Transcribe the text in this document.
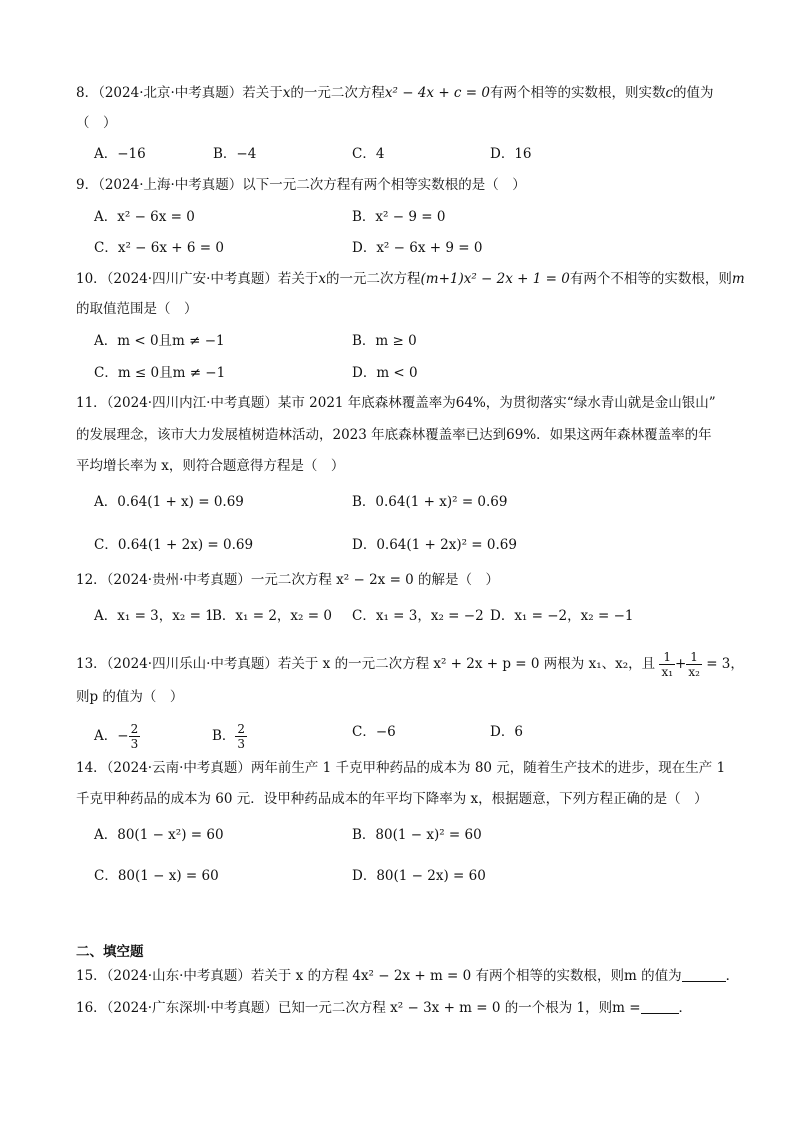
8．（2024·北京·中考真题）若关于x的一元二次方程x² − 4x + c = 0有两个相等的实数根，则实数c的值为
（　）
A．−16	B．−4	C．4	D．16
9．（2024·上海·中考真题）以下一元二次方程有两个相等实数根的是（　）
A．x² − 6x = 0	B．x² − 9 = 0
C．x² − 6x + 6 = 0	D．x² − 6x + 9 = 0
10．（2024·四川广安·中考真题）若关于x的一元二次方程(m+1)x² − 2x + 1 = 0有两个不相等的实数根，则m
的取值范围是（　）
A．m < 0且m ≠ −1	B．m ≥ 0
C．m ≤ 0且m ≠ −1	D．m < 0
11．（2024·四川内江·中考真题）某市 2021 年底森林覆盖率为64%，为贯彻落实“绿水青山就是金山银山”
的发展理念，该市大力发展植树造林活动，2023 年底森林覆盖率已达到69%．如果这两年森林覆盖率的年
平均增长率为 x，则符合题意得方程是（　）
A．0.64(1 + x) = 0.69	B．0.64(1 + x)² = 0.69
C．0.64(1 + 2x) = 0.69	D．0.64(1 + 2x)² = 0.69
12．（2024·贵州·中考真题）一元二次方程 x² − 2x = 0 的解是（　）
A．x₁ = 3，x₂ = 1
B．x₁ = 2，x₂ = 0 C．x₁ = 3，x₂ = −2 D．x₁ = −2，x₂ = −1
13．（2024·四川乐山·中考真题）若关于 x 的一元二次方程 x² + 2x + p = 0 两根为 x₁、x₂，且 $\frac{1}{\text{x₁}} + \frac{1}{\text{x₂}} = 3$，
则p 的值为（　）
A．− $\frac{2}{3}$	B． $\frac{2}{3}$	C．−6	D．6
14．（2024·云南·中考真题）两年前生产 1 千克甲种药品的成本为 80 元，随着生产技术的进步，现在生产 1
千克甲种药品的成本为 60 元．设甲种药品成本的年平均下降率为 x，根据题意，下列方程正确的是（　）
A．80(1 − x²) = 60	B．80(1 − x)² = 60
C．80(1 − x) = 60	D．80(1 − 2x) = 60
二、填空题
15．（2024·山东·中考真题）若关于 x 的方程 4x² − 2x + m = 0 有两个相等的实数根，则m 的值为	．
16．（2024·广东深圳·中考真题）已知一元二次方程 x² − 3x + m = 0 的一个根为 1，则m =	．
